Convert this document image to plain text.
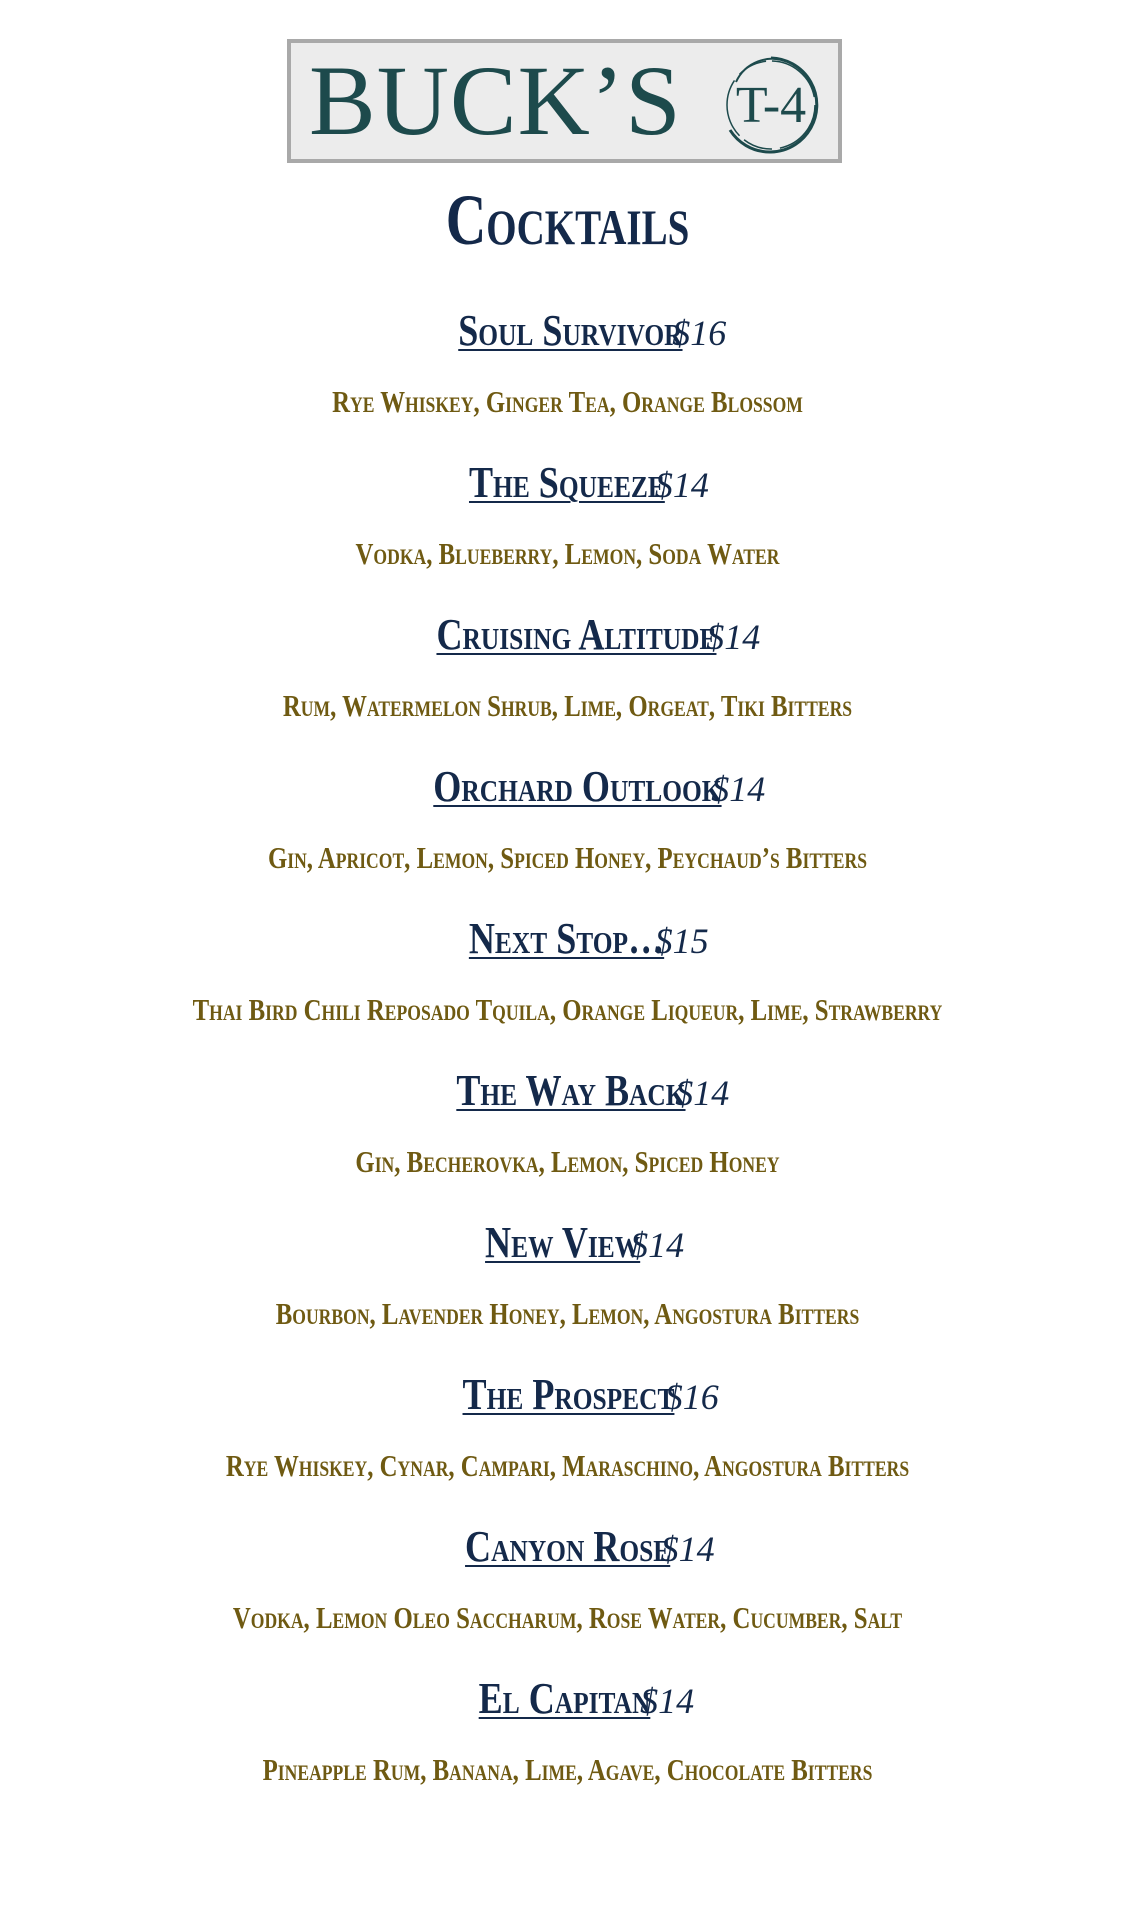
BUCK’S T-4
Cocktails
Soul Survivor $16
Rye Whiskey, Ginger Tea, Orange Blossom
The Squeeze $14
Vodka, Blueberry, Lemon, Soda Water
Cruising Altitude $14
Rum, Watermelon Shrub, Lime, Orgeat, Tiki Bitters
Orchard Outlook $14
Gin, Apricot, Lemon, Spiced Honey, Peychaud’s Bitters
Next Stop… $15
Thai Bird Chili Reposado Tquila, Orange Liqueur, Lime, Strawberry
The Way Back $14
Gin, Becherovka, Lemon, Spiced Honey
New View $14
Bourbon, Lavender Honey, Lemon, Angostura Bitters
The Prospect $16
Rye Whiskey, Cynar, Campari, Maraschino, Angostura Bitters
Canyon Rose $14
Vodka, Lemon Oleo Saccharum, Rose Water, Cucumber, Salt
El Capitan $14
Pineapple Rum, Banana, Lime, Agave, Chocolate Bitters
